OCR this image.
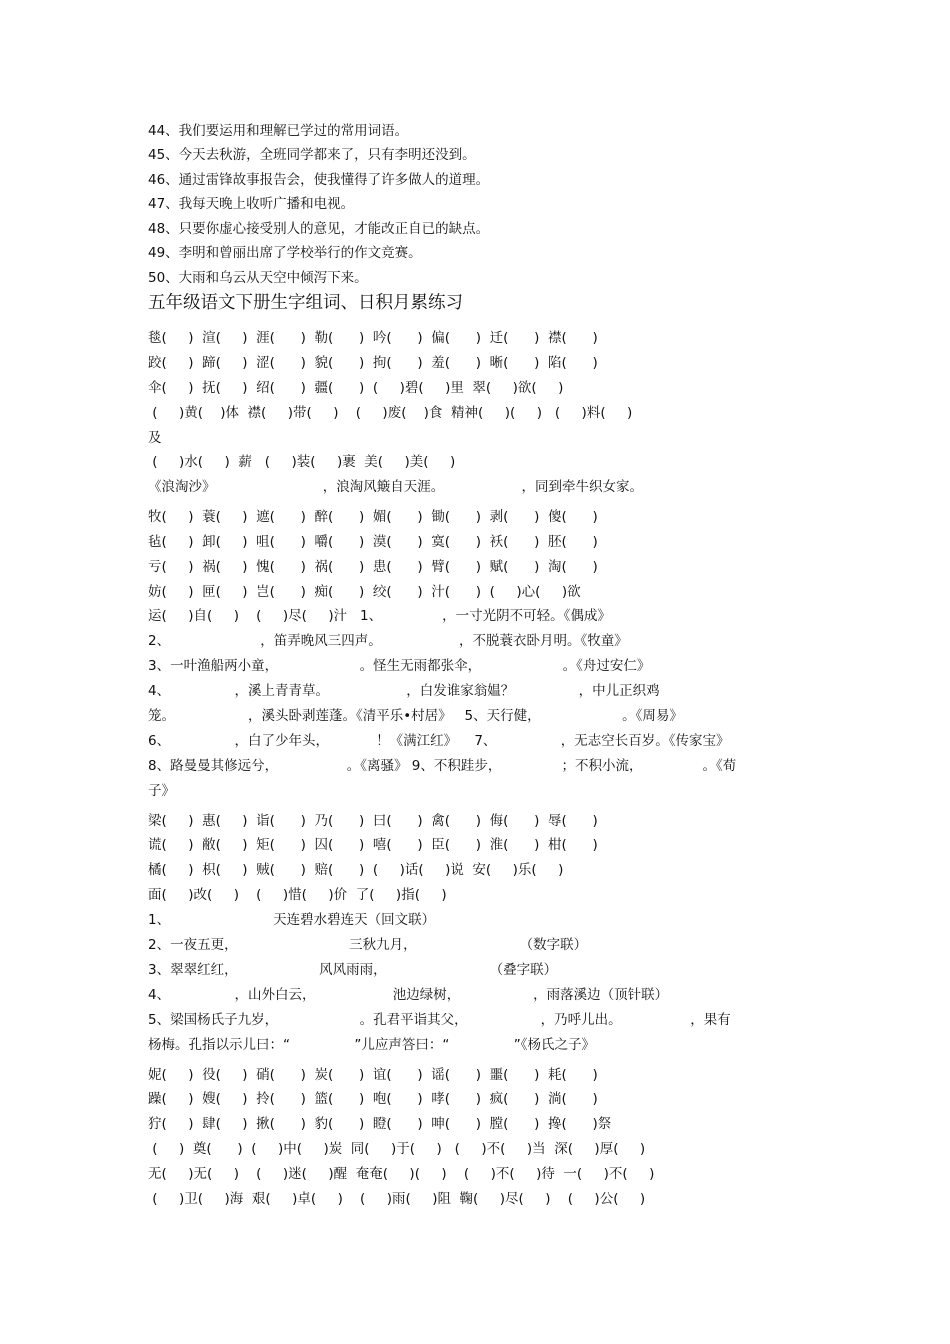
44、我们要运用和理解已学过的常用词语。
45、今天去秋游，全班同学都来了，只有李明还没到。
46、通过雷锋故事报告会，使我懂得了许多做人的道理。
47、我每天晚上收听广播和电视。
48、只要你虚心接受别人的意见，才能改正自已的缺点。
49、李明和曾丽出席了学校举行的作文竞赛。
50、大雨和乌云从天空中倾泻下来。
五年级语文下册生字组词、日积月累练习
毯(     )  渲(     )  涯(      )  勒(      )  吟(      )  偏(      )  迁(      )  襟(      )
跤(     )  蹄(     )  涩(      )  貌(      )  拘(      )  羞(      )  晰(      )  陷(      )
伞(     )  抚(     )  绍(      )  疆(      )  (     )碧(     )里  翠(     )欲(     )
(     )黄(    )体  襟(     )带(     )    (     )废(    )食  精神(     )(     )   (     )料(     )
及
(     )水(     )  薪   (     )装(     )裹  美(     )美(     )
《浪淘沙》                         ，浪淘风簸自天涯。                  ，同到牵牛织女家。
牧(     )  蓑(     )  遮(      )  醉(      )  媚(      )  锄(      )  剥(      )  傻(      )
毡(     )  卸(     )  咀(      )  嚼(      )  漠(      )  寞(      )  袄(      )  胚(      )
亏(     )  祸(     )  愧(      )  祸(      )  患(      )  臂(      )  赋(      )  淘(      )
妨(     )  匣(     )  岂(      )  痴(      )  绞(      )  汁(      )  (     )心(     )欲
运(     )自(     )    (     )尽(     )汁   1、              ，一寸光阴不可轻。《偶成》
2、                     ，笛弄晚风三四声。                  ，不脱蓑衣卧月明。《牧童》
3、一叶渔船两小童，                   。怪生无雨都张伞，                   。《舟过安仁》
4、               ，溪上青青草。                  ，白发谁家翁媪？               ，中儿正织鸡
笼。                 ，溪头卧剥莲蓬。《清平乐•村居》   5、天行健，                   。《周易》
6、               ，白了少年头，           ！《满江红》    7、               ，无志空长百岁。《传家宝》
8、路曼曼其修远兮，                。《离骚》 9、不积跬步，              ；不积小流，              。《荀
子》
梁(     )  惠(     )  诣(      )  乃(      )  曰(      )  禽(      )  侮(      )  辱(      )
谎(     )  敝(     )  矩(      )  囚(      )  嘻(      )  臣(      )  淮(      )  柑(      )
橘(     )  枳(     )  贼(      )  赔(      )  (     )话(     )说  安(     )乐(     )
面(     )改(     )    (     )惜(     )价  了(     )指(     )
1、                        天连碧水碧连天（回文联）
2、一夜五更，                          三秋九月，                        （数字联）
3、翠翠红红，                   风风雨雨，                        （叠字联）
4、               ，山外白云，                  池边绿树，                 ，雨落溪边（顶针联）
5、梁国杨氏子九岁，                   。孔君平诣其父，                 ，乃呼儿出。                ，果有
杨梅。孔指以示儿曰：“               ”儿应声答曰：“               ”《杨氏之子》
妮(     )  役(     )  硝(      )  炭(      )  谊(      )  谣(      )  噩(      )  耗(      )
躁(     )  嫂(     )  拎(      )  篮(      )  咆(      )  哮(      )  疯(      )  淌(      )
狞(     )  肆(     )  揪(      )  豹(      )  瞪(      )  呻(      )  膛(      )  搀(      )祭
(     )  奠(      )  (     )中(     )炭  同(     )于(     )   (     )不(     )当  深(     )厚(     )
无(     )无(     )    (     )迷(     )醒  奄奄(     )(     )    (     )不(     )待  一(     )不(     )
(     )卫(     )海  艰(     )卓(     )    (     )雨(     )阻  鞠(     )尽(     )    (     )公(     )
